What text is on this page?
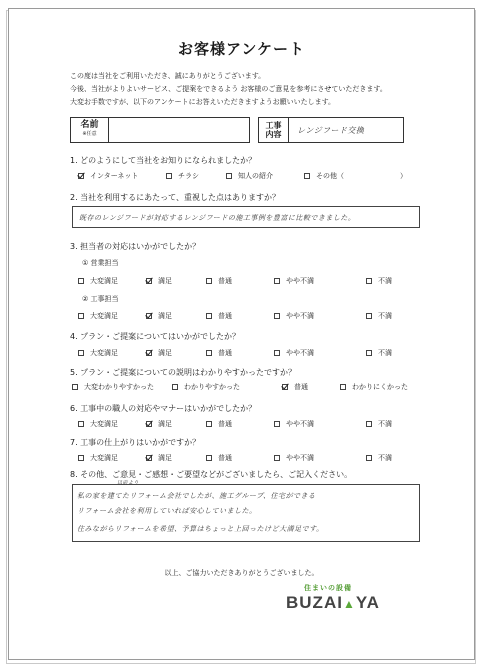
お客様アンケート
この度は当社をご利用いただき、誠にありがとうございます。
今後、当社がよりよいサービス、ご提案をできるよう お客様のご意見を参考にさせていただきます。
大変お手数ですが、以下のアンケートにお答えいただきますようお願いいたします。
名前
※任意
工事
内容	レンジフード交換
1. どのようにして当社をお知りになられましたか？
インターネット	チラシ	知人の紹介	その他（　　　　　　　　）
2. 当社を利用するにあたって、重視した点はありますか？
既存のレンジフードが対応するレンジフードの施工事例を豊富に比較できました。
3. 担当者の対応はいかがでしたか？
① 営業担当
大変満足	満足	普通	やや不満	不満
② 工事担当
大変満足	満足	普通	やや不満	不満
4. プラン・ご提案についてはいかがでしたか？
大変満足	満足	普通	やや不満	不満
5. プラン・ご提案についての説明はわかりやすかったですか？
大変わかりやすかった	わかりやすかった	普通	わかりにくかった
6. 工事中の職人の対応やマナーはいかがでしたか？
大変満足	満足	普通	やや不満	不満
7. 工事の仕上がりはいかがですか？
大変満足	満足	普通	やや不満	不満
8. その他、ご意見・ご感想・ご要望などがございましたら、ご記入ください。
以前より
私の家を建てたリフォーム会社でしたが、施工グループ、住宅ができる
リフォーム会社を利用していれば安心していました。
住みながらリフォームを希望、予算はちょっと上回ったけど大満足です。
以上、ご協力いただきありがとうございました。
住まいの設備
BUZAI▲YA
